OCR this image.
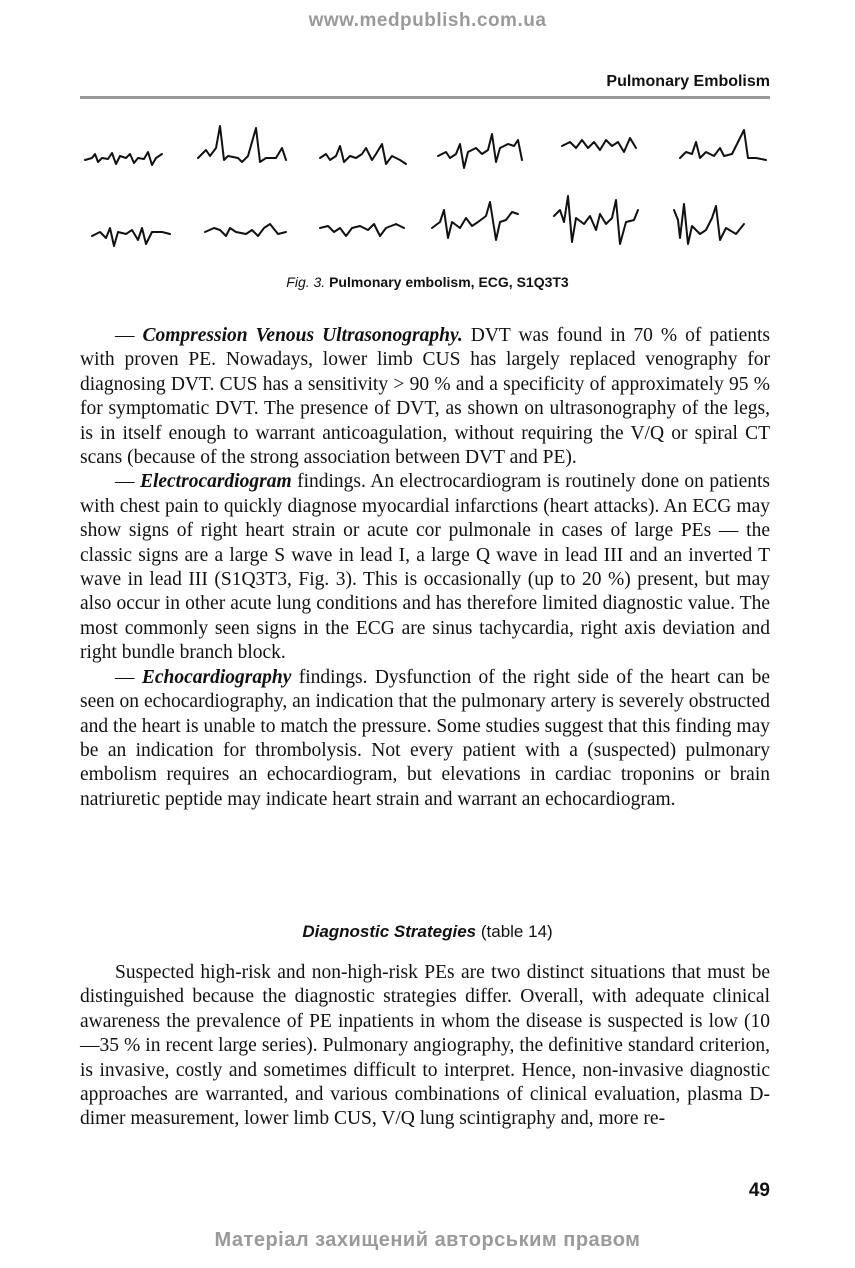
www.medpublish.com.ua
Pulmonary Embolism
Fig. 3. Pulmonary embolism, ECG, S1Q3T3

— Compression Venous Ultrasonography. DVT was found in 70 % of patients with proven PE. Nowadays, lower limb CUS has largely replaced venography for diagnosing DVT. CUS has a sensitivity > 90 % and a specificity of approximately 95 % for symptomatic DVT. The presence of DVT, as shown on ultrasonography of the legs, is in itself enough to warrant anticoagulation, without requiring the V/Q or spiral CT scans (because of the strong association between DVT and PE).

— Electrocardiogram findings. An electrocardiogram is routinely done on patients with chest pain to quickly diagnose myocardial infarctions (heart attacks). An ECG may show signs of right heart strain or acute cor pulmonale in cases of large PEs — the classic signs are a large S wave in lead I, a large Q wave in lead III and an inverted T wave in lead III (S1Q3T3, Fig. 3). This is occasionally (up to 20 %) present, but may also occur in other acute lung conditions and has therefore limited diagnostic value. The most commonly seen signs in the ECG are sinus tachycardia, right axis deviation and right bundle branch block.

— Echocardiography findings. Dysfunction of the right side of the heart can be seen on echocardiography, an indication that the pulmonary artery is severely obstructed and the heart is unable to match the pressure. Some studies suggest that this finding may be an indication for thrombolysis. Not every patient with a (suspected) pulmonary embolism requires an echocardiogram, but elevations in cardiac troponins or brain natriuretic peptide may indicate heart strain and warrant an echocardiogram.

Diagnostic Strategies (table 14)

Suspected high-risk and non-high-risk PEs are two distinct situations that must be distinguished because the diagnostic strategies differ. Overall, with adequate clinical awareness the prevalence of PE inpatients in whom the disease is suspected is low (10—35 % in recent large series). Pulmonary angiography, the definitive standard criterion, is invasive, costly and sometimes difficult to interpret. Hence, non-invasive diagnostic approaches are warranted, and various combinations of clinical evaluation, plasma D-dimer measurement, lower limb CUS, V/Q lung scintigraphy and, more re-

49
Матеріал захищений авторським правом
